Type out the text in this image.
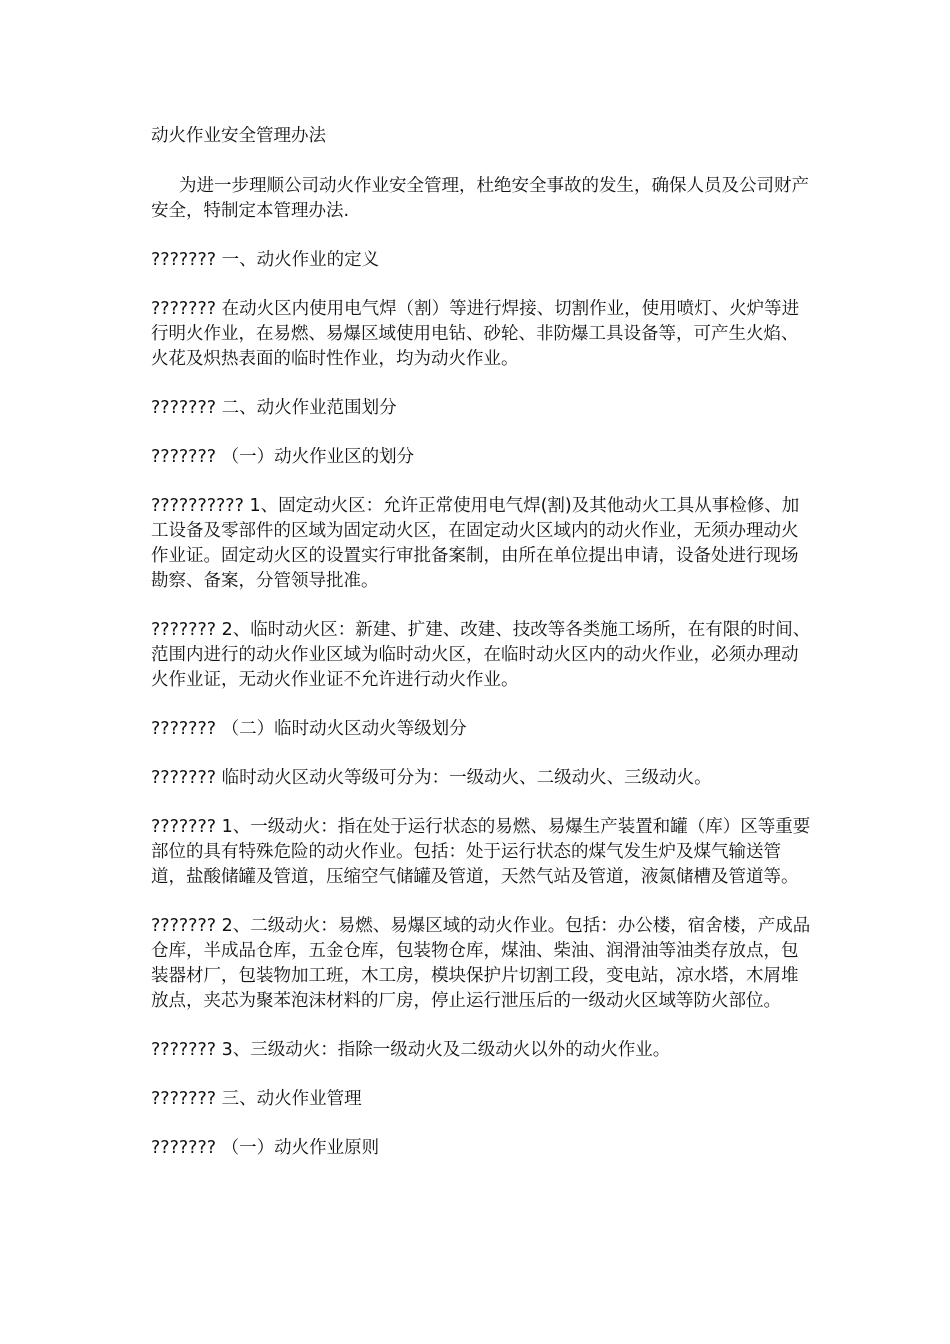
动火作业安全管理办法
为进一步理顺公司动火作业安全管理，杜绝安全事故的发生，确保人员及公司财产安全，特制定本管理办法.
??????? 一、动火作业的定义
??????? 在动火区内使用电气焊（割）等进行焊接、切割作业，使用喷灯、火炉等进行明火作业，在易燃、易爆区域使用电钻、砂轮、非防爆工具设备等，可产生火焰、火花及炽热表面的临时性作业，均为动火作业。
??????? 二、动火作业范围划分
??????? （一）动火作业区的划分
?????????? 1、固定动火区：允许正常使用电气焊(割)及其他动火工具从事检修、加工设备及零部件的区域为固定动火区，在固定动火区域内的动火作业，无须办理动火作业证。固定动火区的设置实行审批备案制，由所在单位提出申请，设备处进行现场勘察、备案，分管领导批准。
??????? 2、临时动火区：新建、扩建、改建、技改等各类施工场所，在有限的时间、范围内进行的动火作业区域为临时动火区，在临时动火区内的动火作业，必须办理动火作业证，无动火作业证不允许进行动火作业。
??????? （二）临时动火区动火等级划分
??????? 临时动火区动火等级可分为：一级动火、二级动火、三级动火。
??????? 1、一级动火：指在处于运行状态的易燃、易爆生产装置和罐（库）区等重要部位的具有特殊危险的动火作业。包括：处于运行状态的煤气发生炉及煤气输送管道，盐酸储罐及管道，压缩空气储罐及管道，天然气站及管道，液氮储槽及管道等。
??????? 2、二级动火：易燃、易爆区域的动火作业。包括：办公楼，宿舍楼，产成品仓库，半成品仓库，五金仓库，包装物仓库，煤油、柴油、润滑油等油类存放点，包装器材厂，包装物加工班，木工房，模块保护片切割工段，变电站，凉水塔，木屑堆放点，夹芯为聚苯泡沫材料的厂房，停止运行泄压后的一级动火区域等防火部位。
??????? 3、三级动火：指除一级动火及二级动火以外的动火作业。
??????? 三、动火作业管理
??????? （一）动火作业原则
